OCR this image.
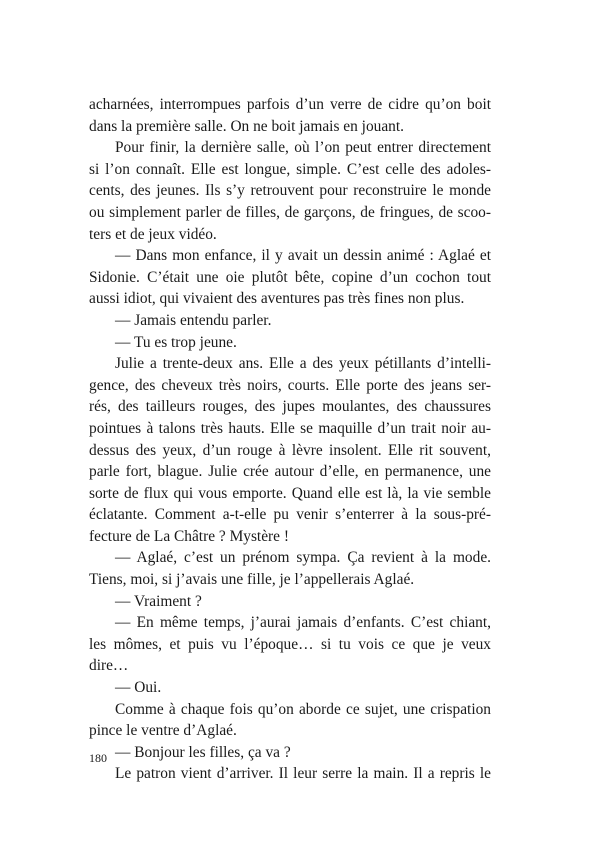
acharnées, interrompues parfois d’un verre de cidre qu’on boit
dans la première salle. On ne boit jamais en jouant.
Pour finir, la dernière salle, où l’on peut entrer directement
si l’on connaît. Elle est longue, simple. C’est celle des adoles-
cents, des jeunes. Ils s’y retrouvent pour reconstruire le monde
ou simplement parler de filles, de garçons, de fringues, de scoo-
ters et de jeux vidéo.
— Dans mon enfance, il y avait un dessin animé : Aglaé et
Sidonie. C’était une oie plutôt bête, copine d’un cochon tout
aussi idiot, qui vivaient des aventures pas très fines non plus.
— Jamais entendu parler.
— Tu es trop jeune.
Julie a trente-deux ans. Elle a des yeux pétillants d’intelli-
gence, des cheveux très noirs, courts. Elle porte des jeans ser-
rés, des tailleurs rouges, des jupes moulantes, des chaussures
pointues à talons très hauts. Elle se maquille d’un trait noir au-
dessus des yeux, d’un rouge à lèvre insolent. Elle rit souvent,
parle fort, blague. Julie crée autour d’elle, en permanence, une
sorte de flux qui vous emporte. Quand elle est là, la vie semble
éclatante. Comment a-t-elle pu venir s’enterrer à la sous-pré-
fecture de La Châtre ? Mystère !
— Aglaé, c’est un prénom sympa. Ça revient à la mode.
Tiens, moi, si j’avais une fille, je l’appellerais Aglaé.
— Vraiment ?
— En même temps, j’aurai jamais d’enfants. C’est chiant,
les mômes, et puis vu l’époque… si tu vois ce que je veux
dire…
— Oui.
Comme à chaque fois qu’on aborde ce sujet, une crispation
pince le ventre d’Aglaé.
— Bonjour les filles, ça va ?
Le patron vient d’arriver. Il leur serre la main. Il a repris le
180
